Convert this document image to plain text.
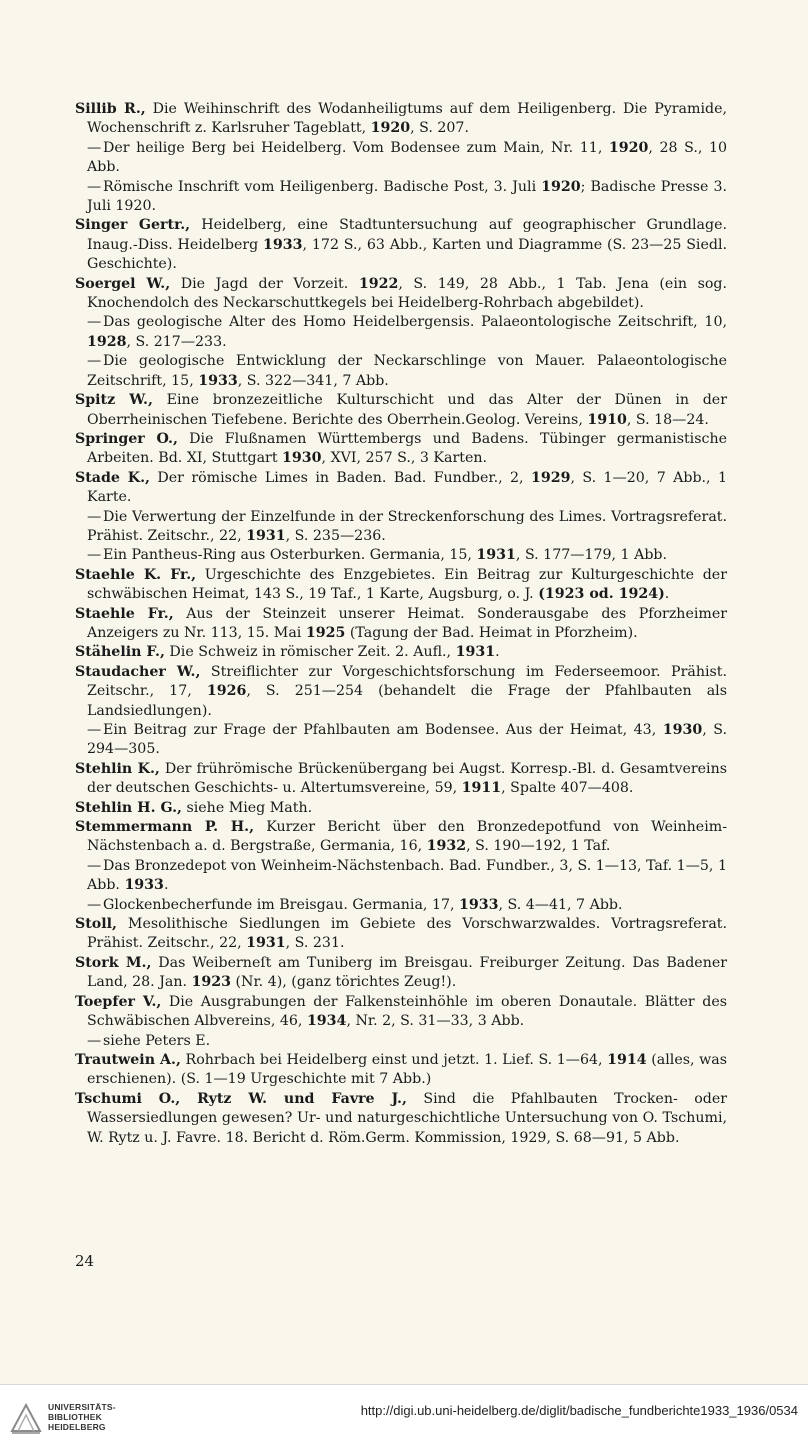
Sillib R., Die Weihinschrift des Wodanheiligtums auf dem Heiligenberg. Die Pyramide, Wochenschrift z. Karlsruher Tageblatt, 1920, S. 207.

— Der heilige Berg bei Heidelberg. Vom Bodensee zum Main, Nr. 11, 1920, 28 S., 10 Abb.

— Römische Inschrift vom Heiligenberg. Badische Post, 3. Juli 1920; Badische Presse 3. Juli 1920.

Singer Gertr., Heidelberg, eine Stadtuntersuchung auf geographischer Grundlage. Inaug.-Diss. Heidelberg 1933, 172 S., 63 Abb., Karten und Diagramme (S. 23—25 Siedl. Geschichte).

Soergel W., Die Jagd der Vorzeit. 1922, S. 149, 28 Abb., 1 Tab. Jena (ein sog. Knochendolch des Neckarschuttkegels bei Heidelberg-Rohrbach abgebildet).

— Das geologische Alter des Homo Heidelbergensis. Palaeontologische Zeitschrift, 10, 1928, S. 217—233.

— Die geologische Entwicklung der Neckarschlinge von Mauer. Palaeontologische Zeitschrift, 15, 1933, S. 322—341, 7 Abb.

Spitz W., Eine bronzezeitliche Kulturschicht und das Alter der Dünen in der Oberrheinischen Tiefebene. Berichte des Oberrhein.Geolog. Vereins, 1910, S. 18—24.

Springer O., Die Flußnamen Württembergs und Badens. Tübinger germanistische Arbeiten. Bd. XI, Stuttgart 1930, XVI, 257 S., 3 Karten.

Stade K., Der römische Limes in Baden. Bad. Fundber., 2, 1929, S. 1—20, 7 Abb., 1 Karte.

— Die Verwertung der Einzelfunde in der Streckenforschung des Limes. Vortragsreferat. Prähist. Zeitschr., 22, 1931, S. 235—236.

— Ein Pantheus-Ring aus Osterburken. Germania, 15, 1931, S. 177—179, 1 Abb.

Staehle K. Fr., Urgeschichte des Enzgebietes. Ein Beitrag zur Kulturgeschichte der schwäbischen Heimat, 143 S., 19 Taf., 1 Karte, Augsburg, o. J. (1923 od. 1924).

Staehle Fr., Aus der Steinzeit unserer Heimat. Sonderausgabe des Pforzheimer Anzeigers zu Nr. 113, 15. Mai 1925 (Tagung der Bad. Heimat in Pforzheim).

Stähelin F., Die Schweiz in römischer Zeit. 2. Aufl., 1931.

Staudacher W., Streiflichter zur Vorgeschichtsforschung im Federseemoor. Prähist. Zeitschr., 17, 1926, S. 251—254 (behandelt die Frage der Pfahlbauten als Landsiedlungen).

— Ein Beitrag zur Frage der Pfahlbauten am Bodensee. Aus der Heimat, 43, 1930, S. 294—305.

Stehlin K., Der frührömische Brückenübergang bei Augst. Korresp.-Bl. d. Gesamtvereins der deutschen Geschichts- u. Altertumsvereine, 59, 1911, Spalte 407—408.

Stehlin H. G., siehe Mieg Math.

Stemmermann P. H., Kurzer Bericht über den Bronzedepotfund von Weinheim-Nächstenbach a. d. Bergstraße, Germania, 16, 1932, S. 190—192, 1 Taf.

— Das Bronzedepot von Weinheim-Nächstenbach. Bad. Fundber., 3, S. 1—13, Taf. 1—5, 1 Abb. 1933.

— Glockenbecherfunde im Breisgau. Germania, 17, 1933, S. 4—41, 7 Abb.

Stoll, Mesolithische Siedlungen im Gebiete des Vorschwarzwaldes. Vortragsreferat. Prähist. Zeitschr., 22, 1931, S. 231.

Stork M., Das Weiberneſt am Tuniberg im Breisgau. Freiburger Zeitung. Das Badener Land, 28. Jan. 1923 (Nr. 4), (ganz törichtes Zeug!).

Toepfer V., Die Ausgrabungen der Falkensteinhöhle im oberen Donautale. Blätter des Schwäbischen Albvereins, 46, 1934, Nr. 2, S. 31—33, 3 Abb.

— siehe Peters E.

Trautwein A., Rohrbach bei Heidelberg einst und jetzt. 1. Lief. S. 1—64, 1914 (alles, was erschienen). (S. 1—19 Urgeschichte mit 7 Abb.)

Tschumi O., Rytz W. und Favre J., Sind die Pfahlbauten Trocken- oder Wassersiedlungen gewesen? Ur- und naturgeschichtliche Untersuchung von O. Tschumi, W. Rytz u. J. Favre. 18. Bericht d. Röm.Germ. Kommission, 1929, S. 68—91, 5 Abb.

24
UNIVERSITÄTS-
BIBLIOTHEK
HEIDELBERG
http://digi.ub.uni-heidelberg.de/diglit/badische_fundberichte1933_1936/0534
